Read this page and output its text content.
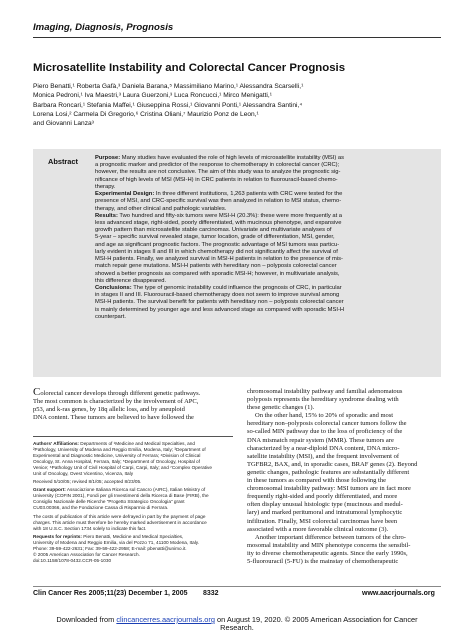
Imaging, Diagnosis, Prognosis
Microsatellite Instability and Colorectal Cancer Prognosis
Piero Benatti,¹ Roberta Gafà,³ Daniela Barana,⁵ Massimiliano Marino,¹ Alessandra Scarselli,¹
Monica Pedroni,¹ Iva Maestri,³ Laura Guerzoni,³ Luca Roncucci,¹ Mirco Menigatti,¹
Barbara Roncari,¹ Stefania Maffei,¹ Giuseppina Rossi,¹ Giovanni Ponti,¹ Alessandra Santini,⁴
Lorena Losi,² Carmela Di Gregorio,⁶ Cristina Oliani,⁷ Maurizio Ponz de Leon,¹
and Giovanni Lanza³
Abstract	Purpose: Many studies have evaluated the role of high levels of microsatellite instability (MSI) as
a prognostic marker and predictor of the response to chemotherapy in colorectal cancer (CRC);
however, the results are not conclusive. The aim of this study was to analyze the prognostic sig-
nificance of high levels of MSI (MSI-H) in CRC patients in relation to fluorouracil-based chemo-
therapy.
Experimental Design: In three different institutions, 1,263 patients with CRC were tested for the
presence of MSI, and CRC-specific survival was then analyzed in relation to MSI status, chemo-
therapy, and other clinical and pathologic variables.
Results: Two hundred and fifty-six tumors were MSI-H (20.3%): these were more frequently at a
less advanced stage, right-sided, poorly differentiated, with mucinous phenotype, and expansive
growth pattern than microsatellite stable carcinomas. Univariate and multivariate analyses of
5-year – specific survival revealed stage, tumor location, grade of differentiation, MSI, gender,
and age as significant prognostic factors. The prognostic advantage of MSI tumors was particu-
larly evident in stages II and III in which chemotherapy did not significantly affect the survival of
MSI-H patients. Finally, we analyzed survival in MSI-H patients in relation to the presence of mis-
match repair gene mutations. MSI-H patients with hereditary non – polyposis colorectal cancer
showed a better prognosis as compared with sporadic MSI-H; however, in multivariate analysis,
this difference disappeared.
Conclusions: The type of genomic instability could influence the prognosis of CRC, in particular
in stages II and III. Fluorouracil-based chemotherapy does not seem to improve survival among
MSI-H patients. The survival benefit for patients with hereditary non – polyposis colorectal cancer
is mainly determined by younger age and less advanced stage as compared with sporadic MSI-H
counterpart.
Colorectal cancer develops through different genetic pathways.
The most common is characterized by the involvement of APC,
p53, and k-ras genes, by 18q allelic loss, and by aneuploid
DNA content. These tumors are believed to have followed the
Authors' Affiliations: Departments of ¹Medicine and Medical Specialties, and
²Pathology, University of Modena and Reggio Emilia, Modena, Italy; ³Department of
Experimental and Diagnostic Medicine, University of Ferrara; ⁴Division of Clinical
Oncology, St. Anna Hospital, Ferrara, Italy; ⁵Department of Oncology, Hospital of
Venice; ⁶Pathology Unit of Civil Hospital of Carpi, Carpi, Italy; and ⁷Complex Operative
Unit of Oncology, Ovest Vicentino, Vicenza, Italy
Received 5/10/05; revised 8/1/05; accepted 8/23/05.
Grant support: Associazione Italiana Ricerca sul Cancro (AIRC), Italian Ministry of
University (COFIN 2001), Fondi per gli Investimenti della Ricerca di Base (FIRB), the
Consiglio Nazionale delle Ricerche "Progetto Strategico Oncologia" grant
CU03.00366, and the Fondazione Cassa di Risparmio di Ferrara.
The costs of publication of this article were defrayed in part by the payment of page
charges. This article must therefore be hereby marked advertisement in accordance
with 18 U.S.C. Section 1734 solely to indicate this fact.
Requests for reprints: Piero Benatti, Medicine and Medical Specialties,
University of Modena and Reggio Emilia, via del Pozzo 71, 41100 Modena, Italy.
Phone: 39-59-422-2631; Fax: 39-59-422-2958; E-mail: pbenatti@unimo.it.
© 2005 American Association for Cancer Research.
doi:10.1158/1078-0432.CCR-05-1030
chromosomal instability pathway and familial adenomatous
polyposis represents the hereditary syndrome dealing with
these genetic changes (1).
On the other hand, 15% to 20% of sporadic and most
hereditary non–polyposis colorectal cancer tumors follow the
so-called MIN pathway due to the loss of proficiency of the
DNA mismatch repair system (MMR). These tumors are
characterized by a near-diploid DNA content, DNA micro-
satellite instability (MSI), and the frequent involvement of
TGFBR2, BAX, and, in sporadic cases, BRAF genes (2). Beyond
genetic changes, pathologic features are substantially different
in these tumors as compared with those following the
chromosomal instability pathway: MSI tumors are in fact more
frequently right-sided and poorly differentiated, and more
often display unusual histologic type (mucinous and medul-
lary) and marked peritumoral and intratumoral lymphocytic
infiltration. Finally, MSI colorectal carcinomas have been
associated with a more favorable clinical outcome (3).
Another important difference between tumors of the chro-
mosomal instability and MIN phenotype concerns the sensibil-
ity to diverse chemotherapeutic agents. Since the early 1990s,
5-fluorouracil (5-FU) is the mainstay of chemotherapeutic
Clin Cancer Res 2005;11(23) December 1, 2005 8332	www.aacrjournals.org
Downloaded from clincancerres.aacrjournals.org on August 19, 2020. © 2005 American Association for Cancer
Research.
